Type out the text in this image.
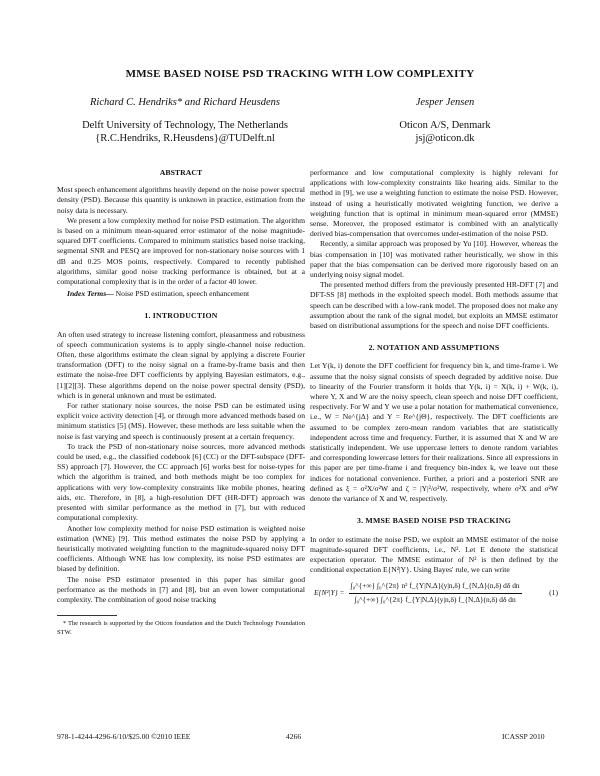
MMSE BASED NOISE PSD TRACKING WITH LOW COMPLEXITY
Richard C. Hendriks* and Richard Heusdens
Delft University of Technology, The Netherlands
{R.C.Hendriks, R.Heusdens}@TUDelft.nl
Jesper Jensen
Oticon A/S, Denmark
jsj@oticon.dk
ABSTRACT

Most speech enhancement algorithms heavily depend on the noise power spectral density (PSD). Because this quantity is unknown in practice, estimation from the noisy data is necessary.

We present a low complexity method for noise PSD estimation. The algorithm is based on a minimum mean-squared error estimator of the noise magnitude-squared DFT coefficients. Compared to minimum statistics based noise tracking, segmental SNR and PESQ are improved for non-stationary noise sources with 1 dB and 0.25 MOS points, respectively. Compared to recently published algorithms, similar good noise tracking performance is obtained, but at a computational complexity that is in the order of a factor 40 lower.

Index Terms— Noise PSD estimation, speech enhancement

1. INTRODUCTION

An often used strategy to increase listening comfort, pleasantness and robustness of speech communication systems is to apply single-channel noise reduction. Often, these algorithms estimate the clean signal by applying a discrete Fourier transformation (DFT) to the noisy signal on a frame-by-frame basis and then estimate the noise-free DFT coefficients by applying Bayesian estimators, e.g., [1][2][3]. These algorithms depend on the noise power spectral density (PSD), which is in general unknown and must be estimated.

For rather stationary noise sources, the noise PSD can be estimated using explicit voice activity detection [4], or through more advanced methods based on minimum statistics [5] (MS). However, these methods are less suitable when the noise is fast varying and speech is continuously present at a certain frequency.

To track the PSD of non-stationary noise sources, more advanced methods could be used, e.g., the classified codebook [6] (CC) or the DFT-subspace (DFT-SS) approach [7]. However, the CC approach [6] works best for noise-types for which the algorithm is trained, and both methods might be too complex for applications with very low-complexity constraints like mobile phones, hearing aids, etc. Therefore, in [8], a high-resolution DFT (HR-DFT) approach was presented with similar performance as the method in [7], but with reduced computational complexity.

Another low complexity method for noise PSD estimation is weighted noise estimation (WNE) [9]. This method estimates the noise PSD by applying a heuristically motivated weighting function to the magnitude-squared noisy DFT coefficients. Although WNE has low complexity, its noise PSD estimates are biased by definition.

The noise PSD estimator presented in this paper has similar good performance as the methods in [7] and [8], but an even lower computational complexity. The combination of good noise tracking

* The research is supported by the Oticon foundation and the Dutch Technology Foundation STW.

performance and low computational complexity is highly relevant for applications with low-complexity constraints like hearing aids. Similar to the method in [9], we use a weighting function to estimate the noise PSD. However, instead of using a heuristically motivated weighting function, we derive a weighting function that is optimal in minimum mean-squared error (MMSE) sense. Moreover, the proposed estimator is combined with an analytically derived bias-compensation that overcomes under-estimation of the noise PSD.

Recently, a similar approach was proposed by Yu [10]. However, whereas the bias compensation in [10] was motivated rather heuristically, we show in this paper that the bias compensation can be derived more rigorously based on an underlying noisy signal model.

The presented method differs from the previously presented HR-DFT [7] and DFT-SS [8] methods in the exploited speech model. Both methods assume that speech can be described with a low-rank model. The proposed does not make any assumption about the rank of the signal model, but exploits an MMSE estimator based on distributional assumptions for the speech and noise DFT coefficients.

2. NOTATION AND ASSUMPTIONS

Let Y(k, i) denote the DFT coefficient for frequency bin k, and time-frame i. We assume that the noisy signal consists of speech degraded by additive noise. Due to linearity of the Fourier transform it holds that Y(k, i) = X(k, i) + W(k, i), where Y, X and W are the noisy speech, clean speech and noise DFT coefficient, respectively. For W and Y we use a polar notation for mathematical convenience, i.e., W = Ne^{jΔ} and Y = Re^{jΘ}, respectively. The DFT coefficients are assumed to be complex zero-mean random variables that are statistically independent across time and frequency. Further, it is assumed that X and W are statistically independent. We use uppercase letters to denote random variables and corresponding lowercase letters for their realizations. Since all expressions in this paper are per time-frame i and frequency bin-index k, we leave out these indices for notational convenience. Further, a priori and a posteriori SNR are defined as ξ = σ²X/σ²W and ζ = |Y|²/σ²W, respectively, where σ²X and σ²W denote the variance of X and W, respectively.

3. MMSE BASED NOISE PSD TRACKING

In order to estimate the noise PSD, we exploit an MMSE estimator of the noise magnitude-squared DFT coefficients, i.e., N². Let E denote the statistical expectation operator. The MMSE estimator of N² is then defined by the conditional expectation E{N²|Y}. Using Bayes' rule, we can write

$E\{N^2|Y\} = \frac{\text{∫₀\textasciicircum{}\{+∞\} ∫₀\textasciicircum{}\{2π\} n² f\_\{Y|N,Δ\}(y|n,δ) f\_\{N,Δ\}(n,δ) dδ dn}}{\text{∫₀\textasciicircum{}\{+∞\} ∫₀\textasciicircum{}\{2π\} f\_\{Y|N,Δ\}(y|n,δ) f\_\{N,Δ\}(n,δ) dδ dn}}$	(1)
978-1-4244-4296-6/10/$25.00 ©2010 IEEE	4266	ICASSP 2010
